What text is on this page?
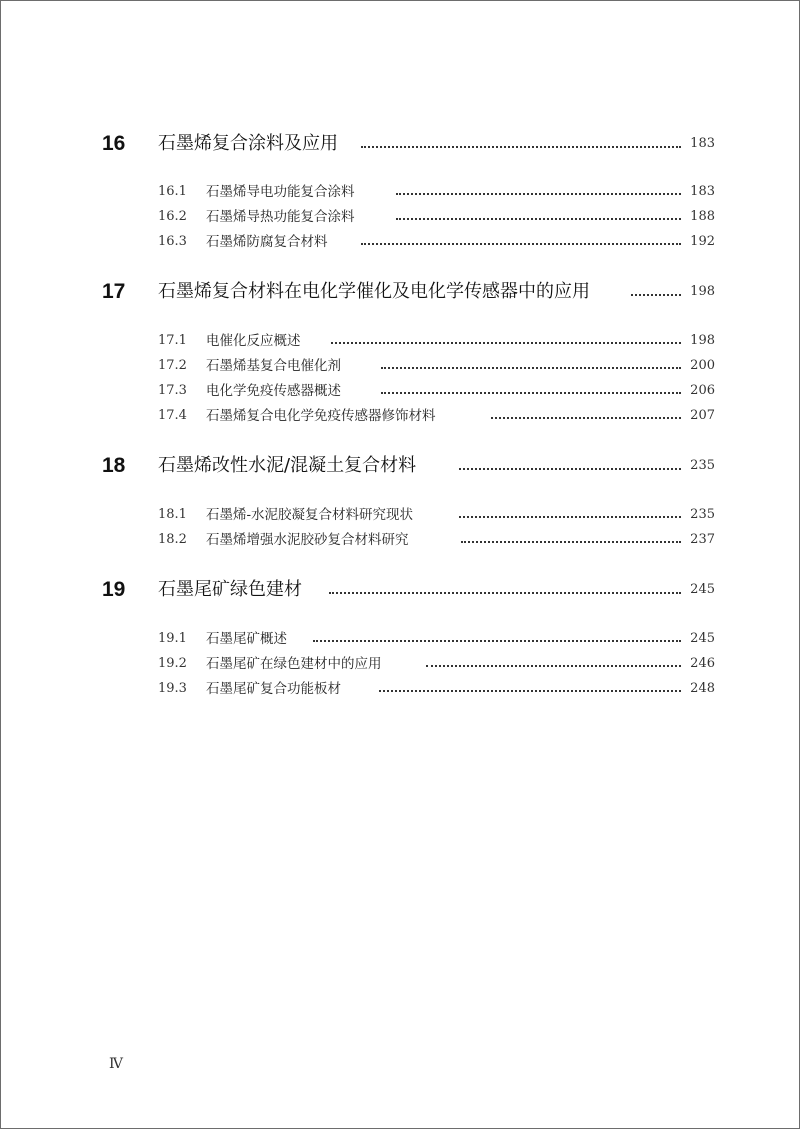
16 石墨烯复合涂料及应用	183
16.1 石墨烯导电功能复合涂料	183
16.2 石墨烯导热功能复合涂料	188
16.3 石墨烯防腐复合材料	192
17 石墨烯复合材料在电化学催化及电化学传感器中的应用	198
17.1 电催化反应概述	198
17.2 石墨烯基复合电催化剂	200
17.3 电化学免疫传感器概述	206
17.4 石墨烯复合电化学免疫传感器修饰材料	207
18 石墨烯改性水泥/混凝土复合材料	235
18.1 石墨烯-水泥胶凝复合材料研究现状	235
18.2 石墨烯增强水泥胶砂复合材料研究	237
19 石墨尾矿绿色建材	245
19.1 石墨尾矿概述	245
19.2 石墨尾矿在绿色建材中的应用	246
19.3 石墨尾矿复合功能板材	248
Ⅳ
